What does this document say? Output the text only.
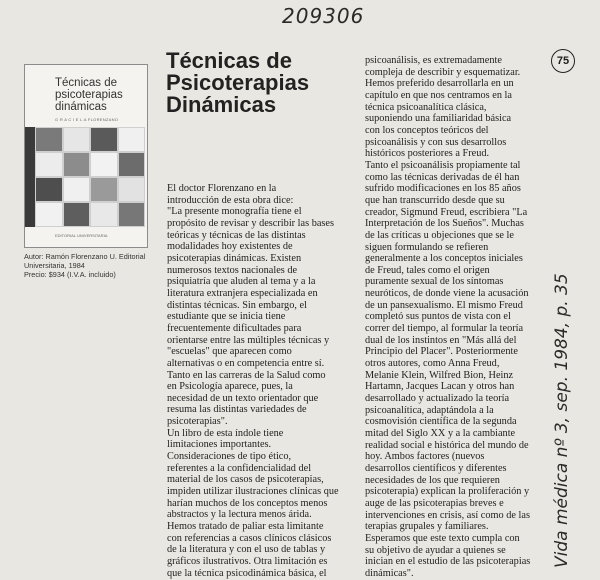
209306
75
Vida médica nº 3, sep. 1984, p. 35
Técnicas de
psicoterapias
dinámicas
G R A C I E L A FLORENZANO
EDITORIAL UNIVERSITARIA
Autor: Ramón Florenzano U. Editorial
Universitaria, 1984
Precio: $934 (I.V.A. incluido)
Técnicas de
Psicoterapias
Dinámicas
El doctor Florenzano en la
introducción de esta obra dice:
"La presente monografía tiene el
propósito de revisar y describir las bases
teóricas y técnicas de las distintas
modalidades hoy existentes de
psicoterapias dinámicas. Existen
numerosos textos nacionales de
psiquiatría que aluden al tema y a la
literatura extranjera especializada en
distintas técnicas. Sin embargo, el
estudiante que se inicia tiene
frecuentemente dificultades para
orientarse entre las múltiples técnicas y
"escuelas" que aparecen como
alternativas o en competencia entre sí.
Tanto en las carreras de la Salud como
en Psicología aparece, pues, la
necesidad de un texto orientador que
resuma las distintas variedades de
psicoterapias".
Un libro de esta índole tiene
limitaciones importantes.
Consideraciones de tipo ético,
referentes a la confidencialidad del
material de los casos de psicoterapias,
impiden utilizar ilustraciones clínicas que
harían muchos de los conceptos menos
abstractos y la lectura menos árida.
Hemos tratado de paliar esta limitante
con referencias a casos clínicos clásicos
de la literatura y con el uso de tablas y
gráficos ilustrativos. Otra limitación es
que la técnica psicodinámica básica, el
psicoanálisis, es extremadamente
compleja de describir y esquematizar.
Hemos preferido desarrollarla en un
capítulo en que nos centramos en la
técnica psicoanalítica clásica,
suponiendo una familiaridad básica
con los conceptos teóricos del
psicoanálisis y con sus desarrollos
históricos posteriores a Freud.
Tanto el psicoanálisis propiamente tal
como las técnicas derivadas de él han
sufrido modificaciones en los 85 años
que han transcurrido desde que su
creador, Sigmund Freud, escribiera "La
Interpretación de los Sueños". Muchas
de las críticas u objeciones que se le
siguen formulando se refieren
generalmente a los conceptos iniciales
de Freud, tales como el origen
puramente sexual de los síntomas
neuróticos, de donde viene la acusación
de un pansexualismo. El mismo Freud
completó sus puntos de vista con el
correr del tiempo, al formular la teoría
dual de los instintos en "Más allá del
Principio del Placer". Posteriormente
otros autores, como Anna Freud,
Melanie Klein, Wilfred Bion, Heinz
Hartamn, Jacques Lacan y otros han
desarrollado y actualizado la teoría
psicoanalítica, adaptándola a la
cosmovisión científica de la segunda
mitad del Siglo XX y a la cambiante
realidad social e histórica del mundo de
hoy. Ambos factores (nuevos
desarrollos científicos y diferentes
necesidades de los que requieren
psicoterapia) explican la proliferación y
auge de las psicoterapias breves e
intervenciones en crisis, así como de las
terapias grupales y familiares.
Esperamos que este texto cumpla con
su objetivo de ayudar a quienes se
inician en el estudio de las psicoterapias
dinámicas".
